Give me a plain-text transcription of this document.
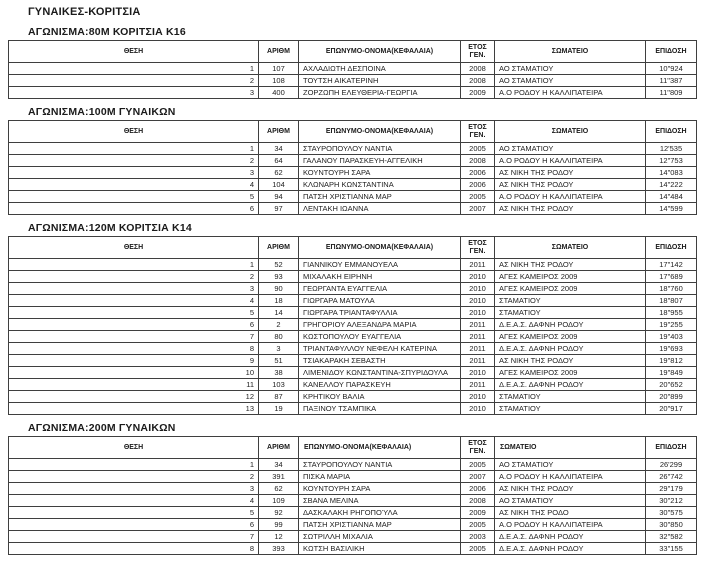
ΓΥΝΑΙΚΕΣ-ΚΟΡΙΤΣΙΑ
ΑΓΩΝΙΣΜΑ:80Μ ΚΟΡΙΤΣΙΑ Κ16
ΘΕΣΗ	ΑΡΙΘΜ	ΕΠΩΝΥΜΟ-ΟΝΟΜΑ(ΚΕΦΑΛΑΙΑ)	ΕΤΟΣ
ΓΕΝ.	ΣΩΜΑΤΕΙΟ	ΕΠΙΔΟΣΗ
1	107	ΑΧΛΑΔΙΩΤΗ ΔΕΣΠΟΙΝΑ	2008	ΑΟ ΣΤΑΜΑΤΙΟΥ	10"924
2	108	ΤΟΥΤΣΗ ΑΙΚΑΤΕΡΙΝΗ	2008	ΑΟ ΣΤΑΜΑΤΙΟΥ	11"387
3	400	ΖΟΡΖΩΠΗ ΕΛΕΥΘΕΡΙΑ-ΓΕΩΡΓΙΑ	2009	Α.Ο ΡΟΔΟΥ Η ΚΑΛΛΙΠΑΤΕΙΡΑ	11"809
ΑΓΩΝΙΣΜΑ:100Μ ΓΥΝΑΙΚΩΝ
ΘΕΣΗ	ΑΡΙΘΜ	ΕΠΩΝΥΜΟ-ΟΝΟΜΑ(ΚΕΦΑΛΑΙΑ)	ΕΤΟΣ
ΓΕΝ.	ΣΩΜΑΤΕΙΟ	ΕΠΙΔΟΣΗ
1	34	ΣΤΑΥΡΟΠΟΥΛΟΥ ΝΑΝΤΙΑ	2005	ΑΟ ΣΤΑΜΑΤΙΟΥ	12'535
2	64	ΓΑΛΑΝΟΥ ΠΑΡΑΣΚΕΥΗ-ΑΓΓΕΛΙΚΗ	2008	Α.Ο ΡΟΔΟΥ Η ΚΑΛΛΙΠΑΤΕΙΡΑ	12"753
3	62	ΚΟΥΝΤΟΥΡΗ ΣΑΡΑ	2006	ΑΣ ΝΙΚΗ ΤΗΣ ΡΟΔΟΥ	14"083
4	104	ΚΛΩΝΑΡΗ ΚΩΝΣΤΑΝΤΙΝΑ	2006	ΑΣ ΝΙΚΗ ΤΗΣ ΡΟΔΟΥ	14"222
5	94	ΠΑΤΣΗ ΧΡΙΣΤΙΑΝΝΑ ΜΑΡ	2005	Α.Ο ΡΟΔΟΥ Η ΚΑΛΛΙΠΑΤΕΙΡΑ	14"484
6	97	ΛΕΝΤΑΚΗ ΙΩΑΝΝΑ	2007	ΑΣ ΝΙΚΗ ΤΗΣ ΡΟΔΟΥ	14"599
ΑΓΩΝΙΣΜΑ:120Μ ΚΟΡΙΤΣΙΑ Κ14
ΘΕΣΗ	ΑΡΙΘΜ	ΕΠΩΝΥΜΟ-ΟΝΟΜΑ(ΚΕΦΑΛΑΙΑ)	ΕΤΟΣ
ΓΕΝ.	ΣΩΜΑΤΕΙΟ	ΕΠΙΔΟΣΗ
1	52	ΓΙΑΝΝΙΚΟΥ ΕΜΜΑΝΟΥΕΛΑ	2011	ΑΣ ΝΙΚΗ ΤΗΣ ΡΟΔΟΥ	17"142
2	93	ΜΙΧΑΛΑΚΗ ΕΙΡΗΝΗ	2010	ΑΓΕΣ ΚΑΜΕΙΡΟΣ 2009	17"689
3	90	ΓΕΩΡΓΑΝΤΑ ΕΥΑΓΓΕΛΙΑ	2010	ΑΓΕΣ ΚΑΜΕΙΡΟΣ 2009	18"760
4	18	ΓΙΩΡΓΑΡΑ ΜΑΤΟΥΛΑ	2010	ΣΤΑΜΑΤΙΟΥ	18"807
5	14	ΓΙΩΡΓΑΡΑ ΤΡΙΑΝΤΑΦΥΛΛΙΑ	2010	ΣΤΑΜΑΤΙΟΥ	18"955
6	2	ΓΡΗΓΟΡΙΟΥ ΑΛΕΞΑΝΔΡΑ ΜΑΡΙΑ	2011	Δ.Ε.Α.Σ. ΔΑΦΝΗ ΡΟΔΟΥ	19"255
7	80	ΚΩΣΤΟΠΟΥΛΟΥ ΕΥΑΓΓΕΛΙΑ	2011	ΑΓΕΣ ΚΑΜΕΙΡΟΣ 2009	19"403
8	3	ΤΡΙΑΝΤΑΦΥΛΛΟΥ ΝΕΦΕΛΗ ΚΑΤΕΡΙΝΑ	2011	Δ.Ε.Α.Σ. ΔΑΦΝΗ ΡΟΔΟΥ	19"693
9	51	ΤΣΙΑΚΑΡΑΚΗ ΣΕΒΑΣΤΗ	2011	ΑΣ ΝΙΚΗ ΤΗΣ ΡΟΔΟΥ	19"812
10	38	ΛΙΜΕΝΙΔΟΥ ΚΩΝΣΤΑΝΤΙΝΑ-ΣΠΥΡΙΔΟΥΛΑ	2010	ΑΓΕΣ ΚΑΜΕΙΡΟΣ 2009	19"849
11	103	ΚΑΝΕΛΛΟΥ ΠΑΡΑΣΚΕΥΗ	2011	Δ.Ε.Α.Σ. ΔΑΦΝΗ ΡΟΔΟΥ	20"652
12	87	ΚΡΗΤΙΚΟΥ ΒΑΛΙΑ	2010	ΣΤΑΜΑΤΙΟΥ	20"899
13	19	ΠΑΞΙΝΟΥ ΤΣΑΜΠΙΚΑ	2010	ΣΤΑΜΑΤΙΟΥ	20"917
ΑΓΩΝΙΣΜΑ:200Μ ΓΥΝΑΙΚΩΝ
ΘΕΣΗ	ΑΡΙΘΜ	ΕΠΩΝΥΜΟ-ΟΝΟΜΑ(ΚΕΦΑΛΑΙΑ)	ΕΤΟΣ
ΓΕΝ.	ΣΩΜΑΤΕΙΟ	ΕΠΙΔΟΣΗ
1	34	ΣΤΑΥΡΟΠΟΥΛΟΥ ΝΑΝΤΙΑ	2005	ΑΟ ΣΤΑΜΑΤΙΟΥ	26'299
2	391	ΠΙΣΚΑ ΜΑΡΙΑ	2007	Α.Ο ΡΟΔΟΥ Η ΚΑΛΛΙΠΑΤΕΙΡΑ	26"742
3	62	ΚΟΥΝΤΟΥΡΗ ΣΑΡΑ	2006	ΑΣ ΝΙΚΗ ΤΗΣ ΡΟΔΟΥ	29"179
4	109	ΣΒΑΝΑ ΜΕΛΙΝΑ	2008	ΑΟ ΣΤΑΜΑΤΙΟΥ	30"212
5	92	ΔΑΣΚΑΛΑΚΗ ΡΗΓΟΠΟΎΛΑ	2009	ΑΣ ΝΙΚΗ ΤΗΣ ΡΟΔΟ	30"575
6	99	ΠΑΤΣΗ ΧΡΙΣΤΙΑΝΝΑ ΜΑΡ	2005	Α.Ο ΡΟΔΟΥ Η ΚΑΛΛΙΠΑΤΕΙΡΑ	30"850
7	12	ΣΩΤΡΙΛΛΗ ΜΙΧΑΛΙΑ	2003	Δ.Ε.Α.Σ. ΔΑΦΝΗ ΡΟΔΟΥ	32"582
8	393	ΚΩΤΣΗ ΒΑΣΙΛΙΚΗ	2005	Δ.Ε.Α.Σ. ΔΑΦΝΗ ΡΟΔΟΥ	33"155
